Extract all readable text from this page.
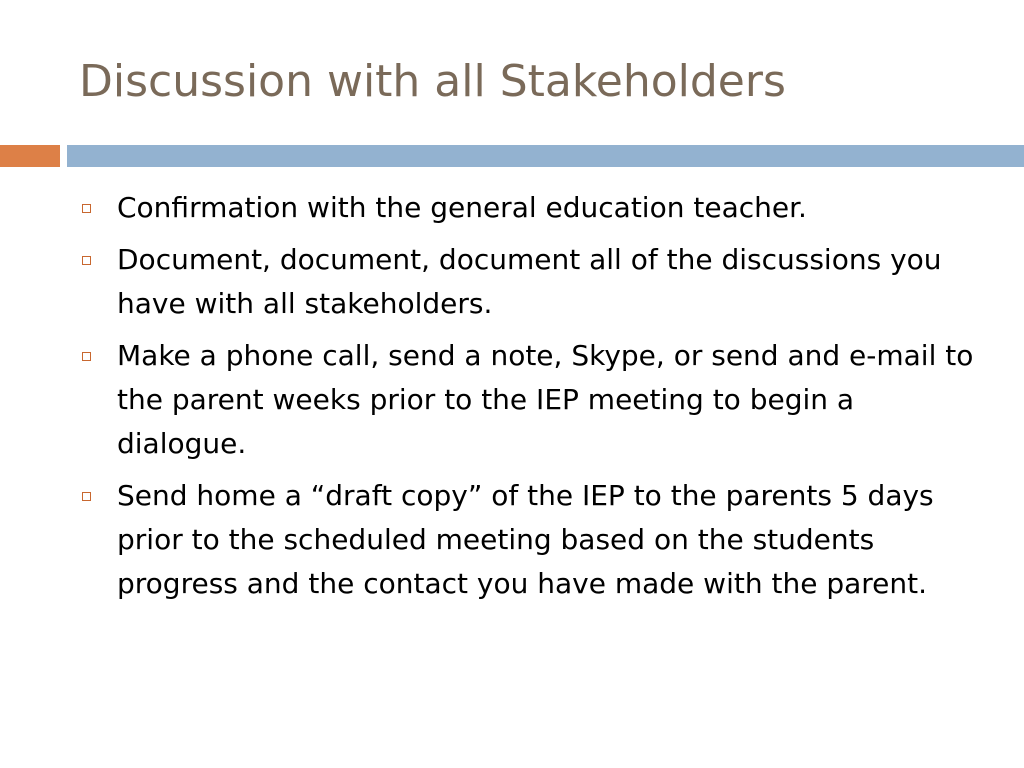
Discussion with all Stakeholders
Confirmation with the general education teacher.
Document, document, document all of the discussions you have with all stakeholders.
Make a phone call, send a note, Skype, or send and e-mail to the parent weeks prior to the IEP meeting to begin a dialogue.
Send home a “draft copy” of the IEP to the parents 5 days prior to the scheduled meeting based on the students progress and the contact you have made with the parent.
